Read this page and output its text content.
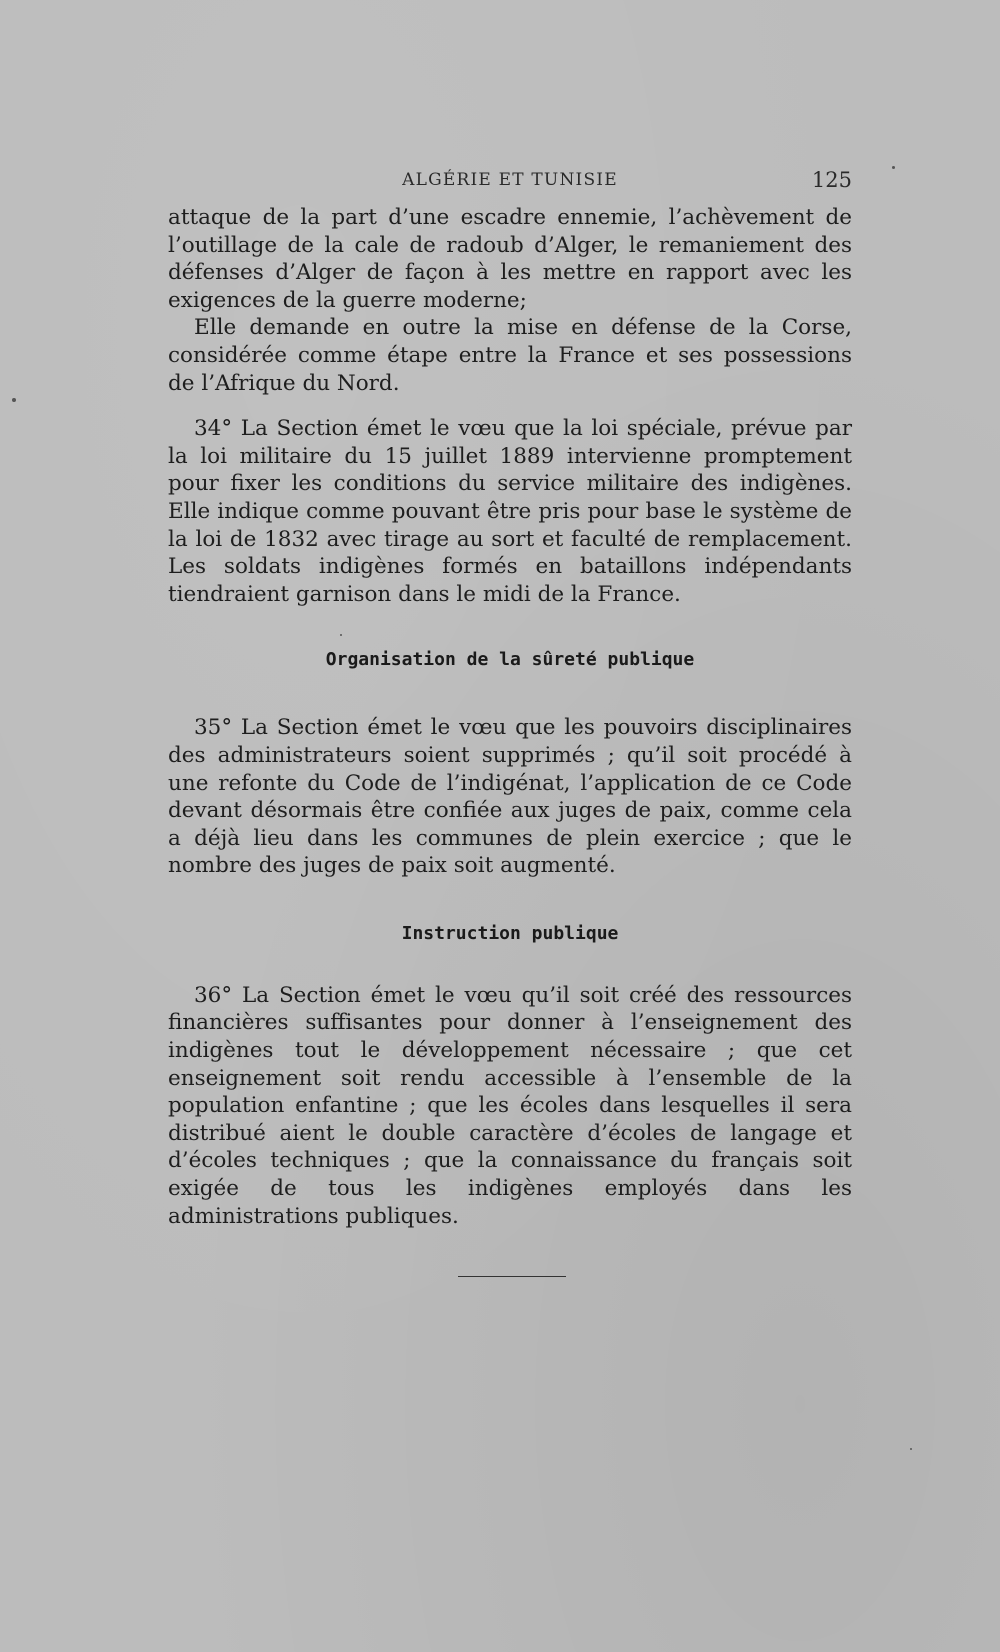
ALGÉRIE ET TUNISIE	125

attaque de la part d’une escadre ennemie, l’achèvement de l’outillage de la cale de radoub d’Alger, le remaniement des défenses d’Alger de façon à les mettre en rapport avec les exigences de la guerre moderne;

Elle demande en outre la mise en défense de la Corse, considérée comme étape entre la France et ses possessions de l’Afrique du Nord.

34° La Section émet le vœu que la loi spéciale, prévue par la loi militaire du 15 juillet 1889 intervienne promptement pour fixer les conditions du service militaire des indigènes. Elle indique comme pouvant être pris pour base le système de la loi de 1832 avec tirage au sort et faculté de remplacement. Les soldats indigènes formés en bataillons indépendants tiendraient garnison dans le midi de la France.

Organisation de la sûreté publique

35° La Section émet le vœu que les pouvoirs disciplinaires des administrateurs soient supprimés ; qu’il soit procédé à une refonte du Code de l’indigénat, l’application de ce Code devant désormais être confiée aux juges de paix, comme cela a déjà lieu dans les communes de plein exercice ; que le nombre des juges de paix soit augmenté.

Instruction publique

36° La Section émet le vœu qu’il soit créé des ressources financières suffisantes pour donner à l’enseignement des indigènes tout le développement nécessaire ; que cet enseignement soit rendu accessible à l’ensemble de la population enfantine ; que les écoles dans lesquelles il sera distribué aient le double caractère d’écoles de langage et d’écoles techniques ; que la connaissance du français soit exigée de tous les indigènes employés dans les administrations publiques.
